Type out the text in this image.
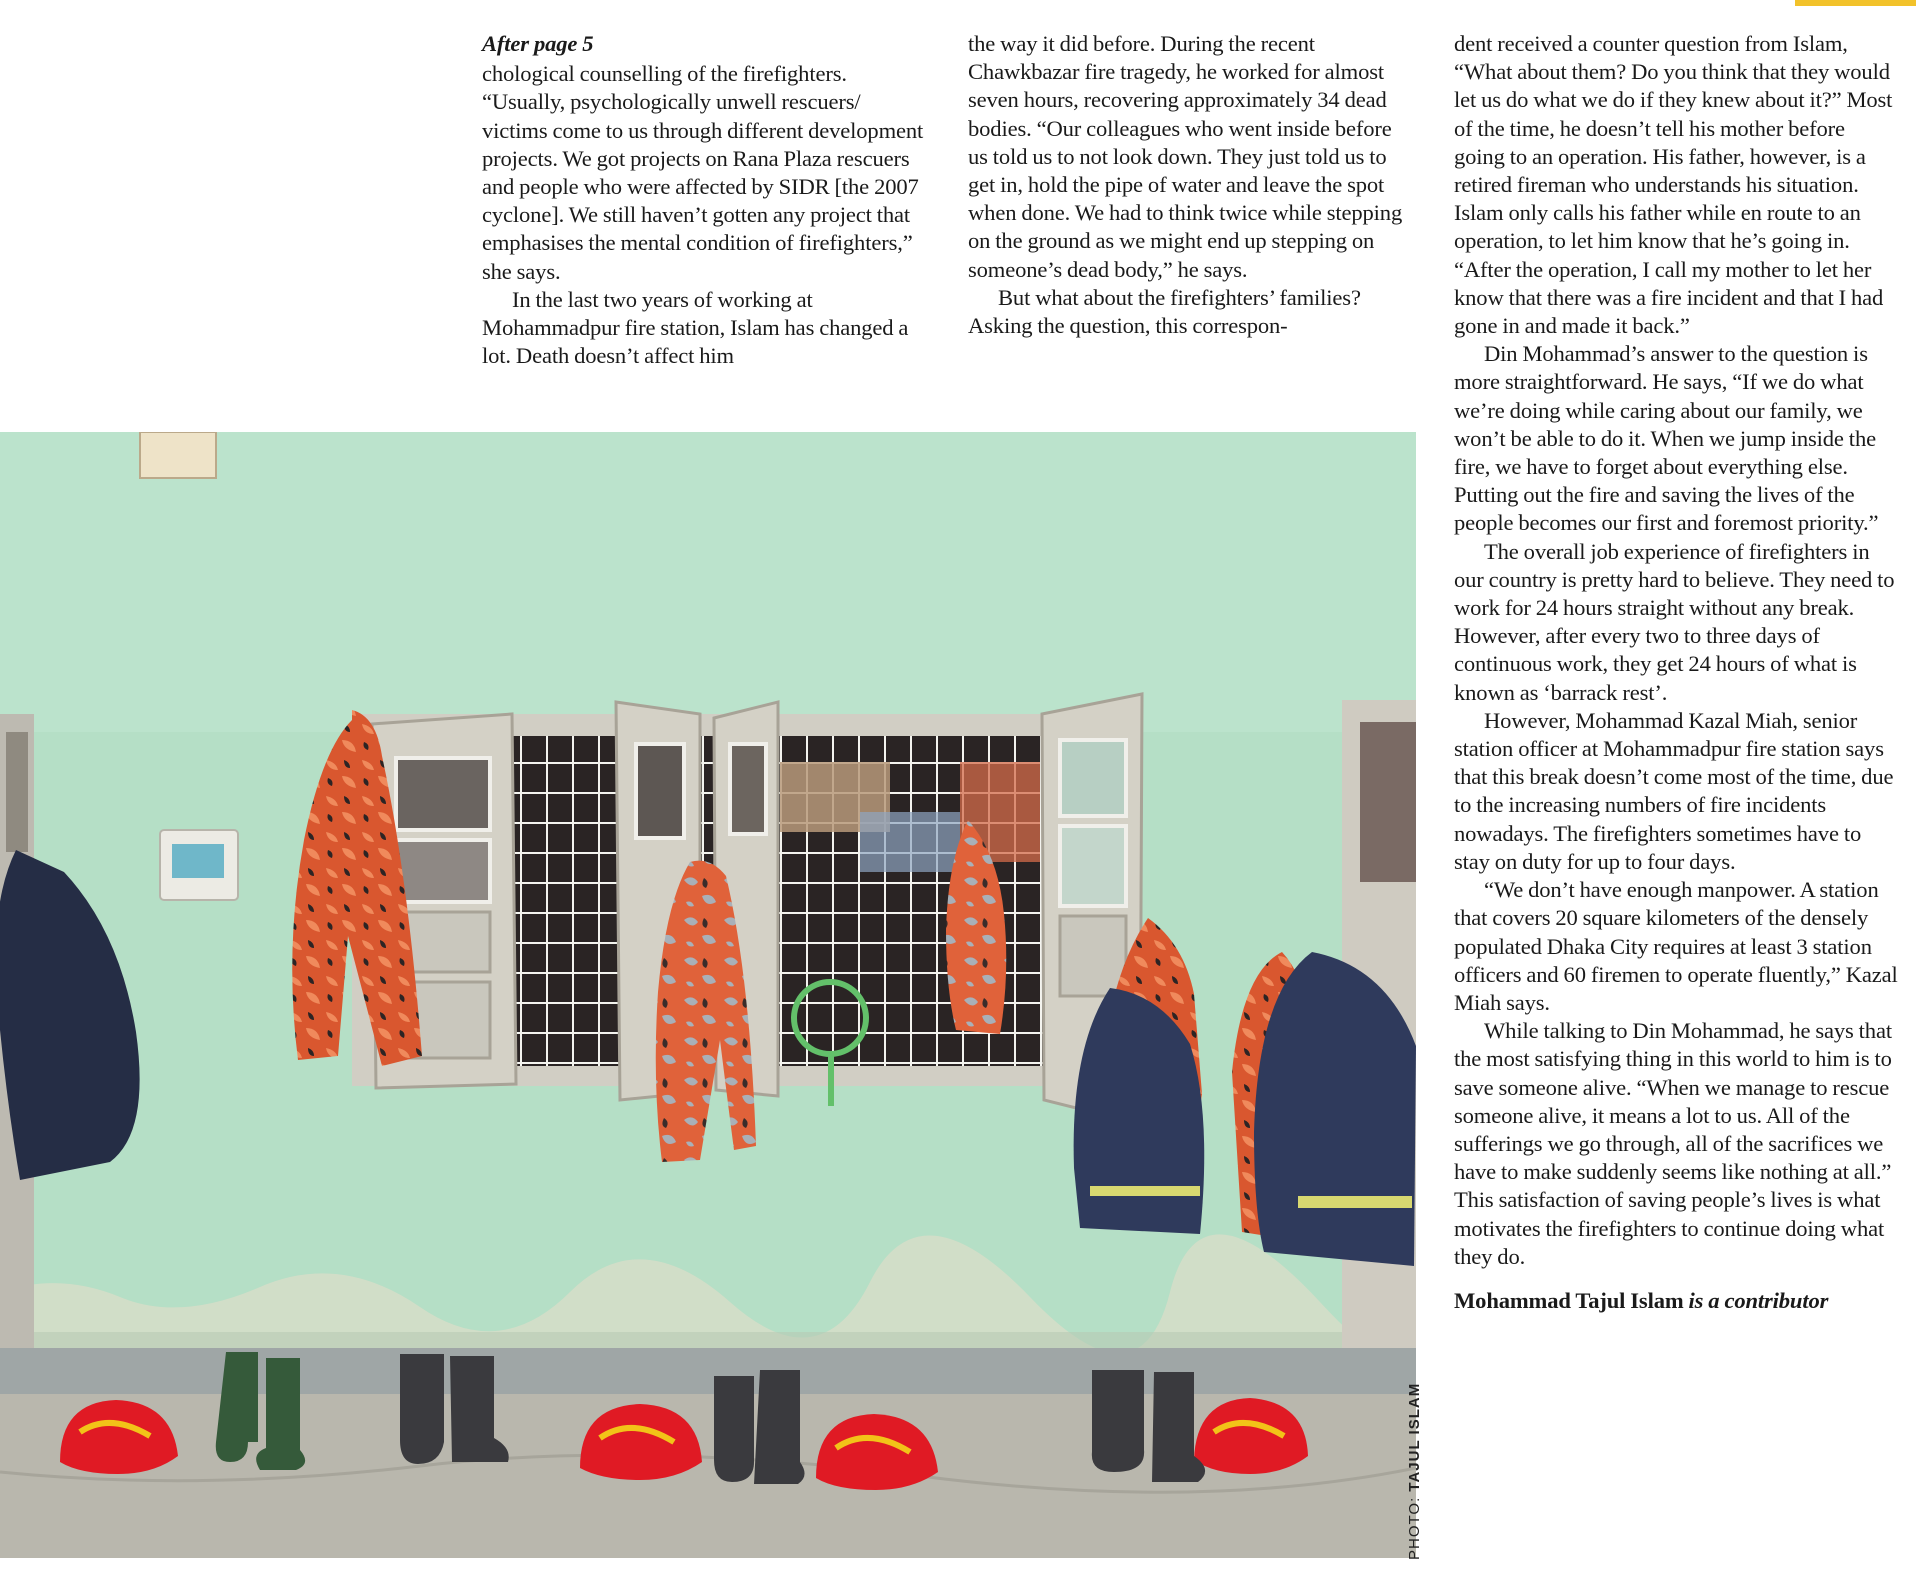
After page 5

chological counselling of the firefighters. “Usually, psychologically unwell rescuers/ victims come to us through different development projects. We got projects on Rana Plaza rescuers and people who were affected by SIDR [the 2007 cyclone]. We still haven’t gotten any project that emphasises the mental condition of firefighters,” she says.

In the last two years of working at Mohammadpur fire station, Islam has changed a lot. Death doesn’t affect him

the way it did before. During the recent Chawkbazar fire tragedy, he worked for almost seven hours, recovering approximately 34 dead bodies. “Our colleagues who went inside before us told us to not look down. They just told us to get in, hold the pipe of water and leave the spot when done. We had to think twice while stepping on the ground as we might end up stepping on someone’s dead body,” he says.

But what about the firefighters’ families? Asking the question, this correspon-

dent received a counter question from Islam, “What about them? Do you think that they would let us do what we do if they knew about it?” Most of the time, he doesn’t tell his mother before going to an operation. His father, however, is a retired fireman who understands his situation. Islam only calls his father while en route to an operation, to let him know that he’s going in. “After the operation, I call my mother to let her know that there was a fire incident and that I had gone in and made it back.”

Din Mohammad’s answer to the question is more straightforward. He says, “If we do what we’re doing while caring about our family, we won’t be able to do it. When we jump inside the fire, we have to forget about everything else. Putting out the fire and saving the lives of the people becomes our first and foremost priority.”

The overall job experience of firefighters in our country is pretty hard to believe. They need to work for 24 hours straight without any break. However, after every two to three days of continuous work, they get 24 hours of what is known as ‘barrack rest’.

However, Mohammad Kazal Miah, senior station officer at Mohammadpur fire station says that this break doesn’t come most of the time, due to the increasing numbers of fire incidents nowadays. The firefighters sometimes have to stay on duty for up to four days.

“We don’t have enough manpower. A station that covers 20 square kilometers of the densely populated Dhaka City requires at least 3 station officers and 60 firemen to operate fluently,” Kazal Miah says.

While talking to Din Mohammad, he says that the most satisfying thing in this world to him is to save someone alive. “When we manage to rescue someone alive, it means a lot to us. All of the sufferings we go through, all of the sacrifices we have to make suddenly seems like nothing at all.” This satisfaction of saving people’s lives is what motivates the firefighters to continue doing what they do.

Mohammad Tajul Islam is a contributor

PHOTO: TAJUL ISLAM
